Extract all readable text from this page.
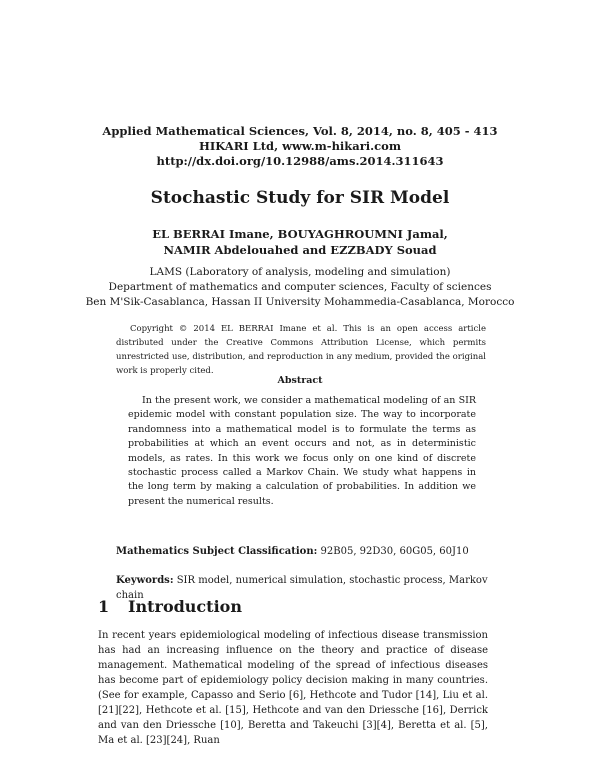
Applied Mathematical Sciences, Vol. 8, 2014, no. 8, 405 - 413
HIKARI Ltd, www.m-hikari.com
http://dx.doi.org/10.12988/ams.2014.311643
Stochastic Study for SIR Model
EL BERRAI Imane, BOUYAGHROUMNI Jamal,
NAMIR Abdelouahed and EZZBADY Souad
LAMS (Laboratory of analysis, modeling and simulation)
Department of mathematics and computer sciences, Faculty of sciences
Ben M'Sik-Casablanca, Hassan II University Mohammedia-Casablanca, Morocco
Copyright © 2014 EL BERRAI Imane et al. This is an open access article distributed under the Creative Commons Attribution License, which permits unrestricted use, distribution, and reproduction in any medium, provided the original work is properly cited.
Abstract
In the present work, we consider a mathematical modeling of an SIR epidemic model with constant population size. The way to incorporate randomness into a mathematical model is to formulate the terms as probabilities at which an event occurs and not, as in deterministic models, as rates. In this work we focus only on one kind of discrete stochastic process called a Markov Chain. We study what happens in the long term by making a calculation of probabilities. In addition we present the numerical results.
Mathematics Subject Classification: 92B05, 92D30, 60G05, 60J10
Keywords: SIR model, numerical simulation, stochastic process, Markov chain
1 Introduction
In recent years epidemiological modeling of infectious disease transmission has had an increasing influence on the theory and practice of disease management. Mathematical modeling of the spread of infectious diseases has become part of epidemiology policy decision making in many countries. (See for example, Capasso and Serio [6], Hethcote and Tudor [14], Liu et al. [21][22], Hethcote et al. [15], Hethcote and van den Driessche [16], Derrick and van den Driessche [10], Beretta and Takeuchi [3][4], Beretta et al. [5], Ma et al. [23][24], Ruan
